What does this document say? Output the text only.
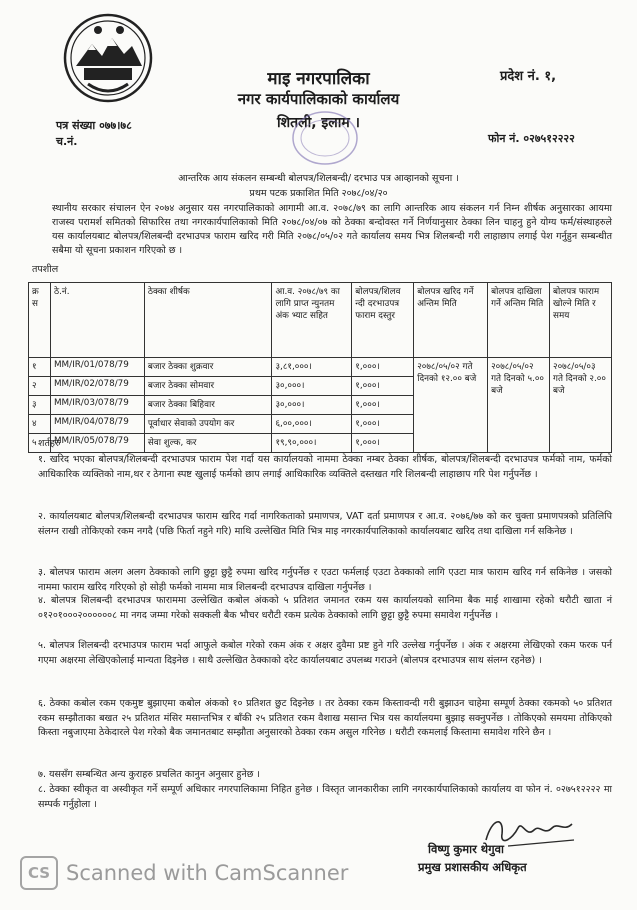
माइ नगरपालिका
नगर कार्यपालिकाको कार्यालय
शितली, इलाम ।
प्रदेश नं. १,
पत्र संख्या ०७७।७८
च.नं.	फोन नं. ०२७५१२२२२
आन्तरिक आय संकलन सम्बन्धी बोलपत्र/शिलबन्दी/ दरभाउ पत्र आव्हानको सूचना ।
प्रथम पटक प्रकाशित मिति २०७८/०४/२०
स्थानीय सरकार संचालन ऐन २०७४ अनुसार यस नगरपालिकाको आगामी आ.व. २०७८/७९ का लागि आन्तरिक आय संकलन गर्न निम्न शीर्षक अनुसारका आयमा राजस्व परामर्श समितको सिफारिस तथा नगरकार्यपालिकाको मिति २०७८/०४/०७ को ठेक्का बन्दोवस्त गर्ने निर्णयानुसार ठेक्का लिन चाहनु हुने योग्य फर्म/संस्थाहरुले यस कार्यालयबाट बोलपत्र/शिलबन्दी दरभाउपत्र फाराम खरिद गरी मिति २०७८/०५/०२ गते कार्यालय समय भित्र शिलबन्दी गरी लाहाछाप लगाई पेश गर्नुहुन सम्बन्धीत सबैमा यो सूचना प्रकाशन गरिएको छ ।
तपशील
क्र स	ठे.नं.	ठेक्का शीर्षक	आ.व. २०७८/७९ का लागि प्राप्त न्युनतम अंक भ्याट सहित	बोलपत्र/शिलव न्दी दरभाउपत्र फाराम दस्तुर	बोलपत्र खरिद गर्ने अन्तिम मिति	बोलपत्र दाखिला गर्ने अन्तिम मिति	बोलपत्र फाराम खोल्ने मिति र समय
१	MM/IR/01/078/79	बजार ठेक्का शुक्रवार	३,८१,०००।	१,०००।	२०७८/०५/०२ गते दिनको १२.०० बजे	२०७८/०५/०२ गते दिनको ५.०० बजे	२०७८/०५/०३ गते दिनको २.०० बजे
२	MM/IR/02/078/79	बजार ठेक्का सोमवार	३०,०००।	१,०००।			
३	MM/IR/03/078/79	बजार ठेक्का बिहिवार	३०,०००।	१,०००।			
४	MM/IR/04/078/79	पूर्वाधार सेवाको उपयोग कर	६,००,०००।	१,०००।			
५	MM/IR/05/078/79	सेवा शुल्क, कर	१९,९०,०००।	१,०००।			
शर्तहरु
१. खरिद भएका बोलपत्र/शिलबन्दी दरभाउपत्र फाराम पेश गर्दा यस कार्यालयको नाममा ठेक्का नम्बर ठेक्का शीर्षक, बोलपत्र/शिलबन्दी दरभाउपत्र फर्मको नाम, फर्मको आधिकारिक व्यक्तिको नाम,थर र ठेगाना स्पष्ट खुलाई फर्मको छाप लगाई आधिकारिक व्यक्तिले दस्तखत गरि शिलबन्दी लाहाछाप गरि पेश गर्नुपर्नेछ ।
२. कार्यालयबाट बोलपत्र/शिलबन्दी दरभाउपत्र फाराम खरिद गर्दा नागरिकताको प्रमाणपत्र, VAT दर्ता प्रमाणपत्र र आ.व. २०७६/७७ को कर चुक्ता प्रमाणपत्रको प्रतिलिपि संलग्न राखी तोकिएको रकम नगदै (पछि फिर्ता नहुने गरि) माथि उल्लेखित मिति भित्र माइ नगरकार्यपालिकाको कार्यालयबाट खरिद तथा दाखिला गर्न सकिनेछ ।
३. बोलपत्र फाराम अलग अलग ठेक्काको लागि छुट्टा छुट्टै रुपमा खरिद गर्नुपर्नेछ र एउटा फर्मलाई एउटा ठेक्काको लागि एउटा मात्र फाराम खरिद गर्न सकिनेछ । जसको नाममा फाराम खरिद गरिएको हो सोही फर्मको नाममा मात्र शिलबन्दी दरभाउपत्र दाखिला गर्नुपर्नेछ ।
४. बोलपत्र शिलबन्दी दरभाउपत्र फाराममा उल्लेखित कबोल अंकको ५ प्रतिशत जमानत रकम यस कार्यालयको सानिमा बैक माई शाखामा रहेको धरौटी खाता नं ०१२०१०००२००००००८ मा नगद जम्मा गरेको सक्कली बैक भौचर धरौटी रकम प्रत्येक ठेक्काको लागि छुट्टा छुट्टै रुपमा समावेश गर्नुपर्नेछ ।
५. बोलपत्र शिलबन्दी दरभाउपत्र फाराम भर्दा आफुले कबोल गरेको रकम अंक र अक्षर दुवैमा प्रष्ट हुने गरि उल्लेख गर्नुपर्नेछ । अंक र अक्षरमा लेखिएको रकम फरक पर्न गएमा अक्षरमा लेखिएकोलाई मान्यता दिइनेछ । साथै उल्लेखित ठेक्काको दरेट कार्यालयबाट उपलब्ध गराउने (बोलपत्र दरभाउपत्र साथ संलग्न रहनेछ) ।
६. ठेक्का कबोल रकम एकमुष्ट बुझाएमा कबोल अंकको १० प्रतिशत छुट दिइनेछ । तर ठेक्का रकम किस्तावन्दी गरी बुझाउन चाहेमा सम्पूर्ण ठेक्का रकमको ५० प्रतिशत रकम सम्झौताका बखत २५ प्रतिशत मंसिर मसान्तभित्र र बाँकी २५ प्रतिशत रकम वैशाख मसान्त भित्र यस कार्यालयमा बुझाइ सक्नुपर्नेछ । तोकिएको समयमा तोकिएको किस्ता नबुजाएमा ठेकेदारले पेश गरेको बैक जमानतबाट सम्झौता अनुसारको ठेक्का रकम असुल गरिनेछ । धरौटी रकमलाई किस्तामा समावेश गरिने छैन ।
७. यससँग सम्बन्धित अन्य कुराहरु प्रचलित कानुन अनुसार हुनेछ ।
८. ठेक्का स्वीकृत वा अस्वीकृत गर्ने सम्पूर्ण अधिकार नगरपालिकामा निहित हुनेछ । विस्तृत जानकारीका लागि नगरकार्यपालिकाको कार्यालय वा फोन नं. ०२७५१२२२२ मा सम्पर्क गर्नुहोला ।
विष्णु कुमार थेगुवा
प्रमुख प्रशासकीय अधिकृत
CS Scanned with CamScanner
